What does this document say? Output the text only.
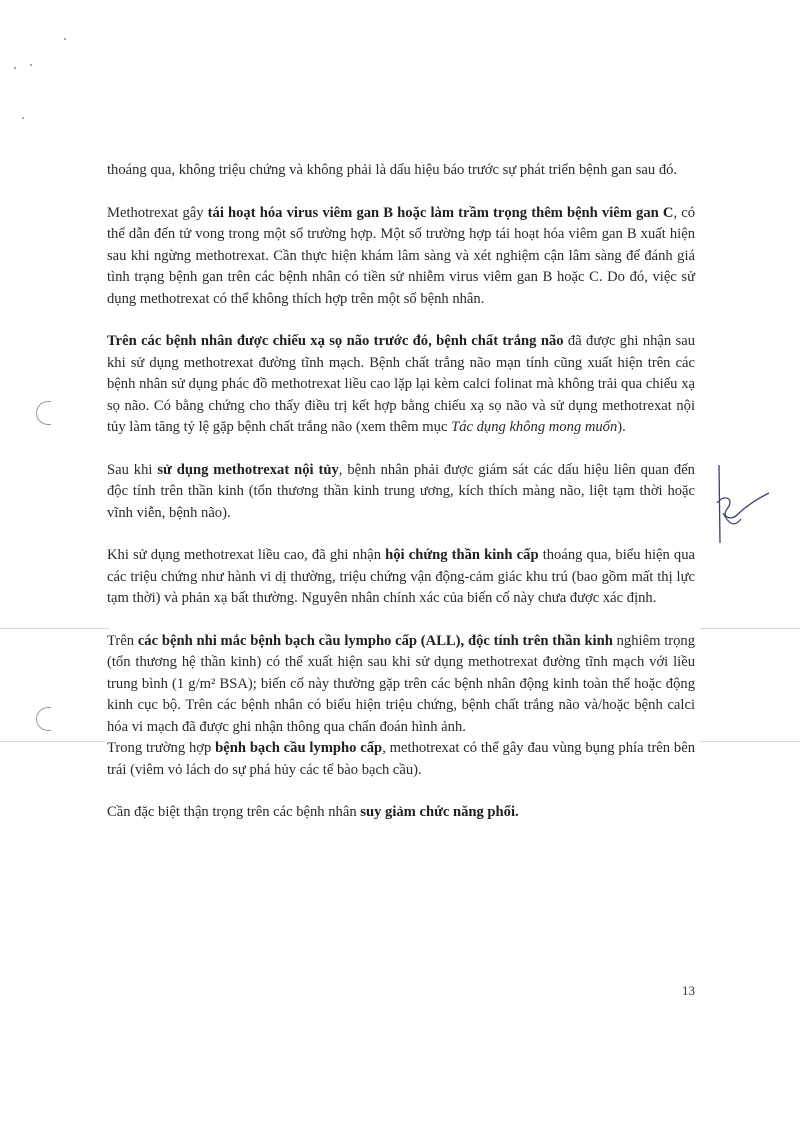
thoáng qua, không triệu chứng và không phải là dấu hiệu báo trước sự phát triển bệnh gan sau đó.

Methotrexat gây tái hoạt hóa virus viêm gan B hoặc làm trầm trọng thêm bệnh viêm gan C, có thể dẫn đến tử vong trong một số trường hợp. Một số trường hợp tái hoạt hóa viêm gan B xuất hiện sau khi ngừng methotrexat. Cần thực hiện khám lâm sàng và xét nghiệm cận lâm sàng để đánh giá tình trạng bệnh gan trên các bệnh nhân có tiền sử nhiễm virus viêm gan B hoặc C. Do đó, việc sử dụng methotrexat có thể không thích hợp trên một số bệnh nhân.

Trên các bệnh nhân được chiếu xạ sọ não trước đó, bệnh chất trắng não đã được ghi nhận sau khi sử dụng methotrexat đường tĩnh mạch. Bệnh chất trắng não mạn tính cũng xuất hiện trên các bệnh nhân sử dụng phác đồ methotrexat liều cao lặp lại kèm calci folinat mà không trải qua chiếu xạ sọ não. Có bằng chứng cho thấy điều trị kết hợp bằng chiếu xạ sọ não và sử dụng methotrexat nội tủy làm tăng tỷ lệ gặp bệnh chất trắng não (xem thêm mục Tác dụng không mong muốn).

Sau khi sử dụng methotrexat nội tủy, bệnh nhân phải được giám sát các dấu hiệu liên quan đến độc tính trên thần kinh (tổn thương thần kinh trung ương, kích thích màng não, liệt tạm thời hoặc vĩnh viễn, bệnh não).

Khi sử dụng methotrexat liều cao, đã ghi nhận hội chứng thần kinh cấp thoáng qua, biểu hiện qua các triệu chứng như hành vi dị thường, triệu chứng vận động-cảm giác khu trú (bao gồm mất thị lực tạm thời) và phản xạ bất thường. Nguyên nhân chính xác của biến cố này chưa được xác định.

Trên các bệnh nhi mắc bệnh bạch cầu lympho cấp (ALL), độc tính trên thần kinh nghiêm trọng (tổn thương hệ thần kinh) có thể xuất hiện sau khi sử dụng methotrexat đường tĩnh mạch với liều trung bình (1 g/m² BSA); biến cố này thường gặp trên các bệnh nhân động kinh toàn thể hoặc động kinh cục bộ. Trên các bệnh nhân có biểu hiện triệu chứng, bệnh chất trắng não và/hoặc bệnh calci hóa vi mạch đã được ghi nhận thông qua chẩn đoán hình ảnh.

Trong trường hợp bệnh bạch cầu lympho cấp, methotrexat có thể gây đau vùng bụng phía trên bên trái (viêm vỏ lách do sự phá hủy các tế bào bạch cầu).

Cần đặc biệt thận trọng trên các bệnh nhân suy giảm chức năng phổi.

13
